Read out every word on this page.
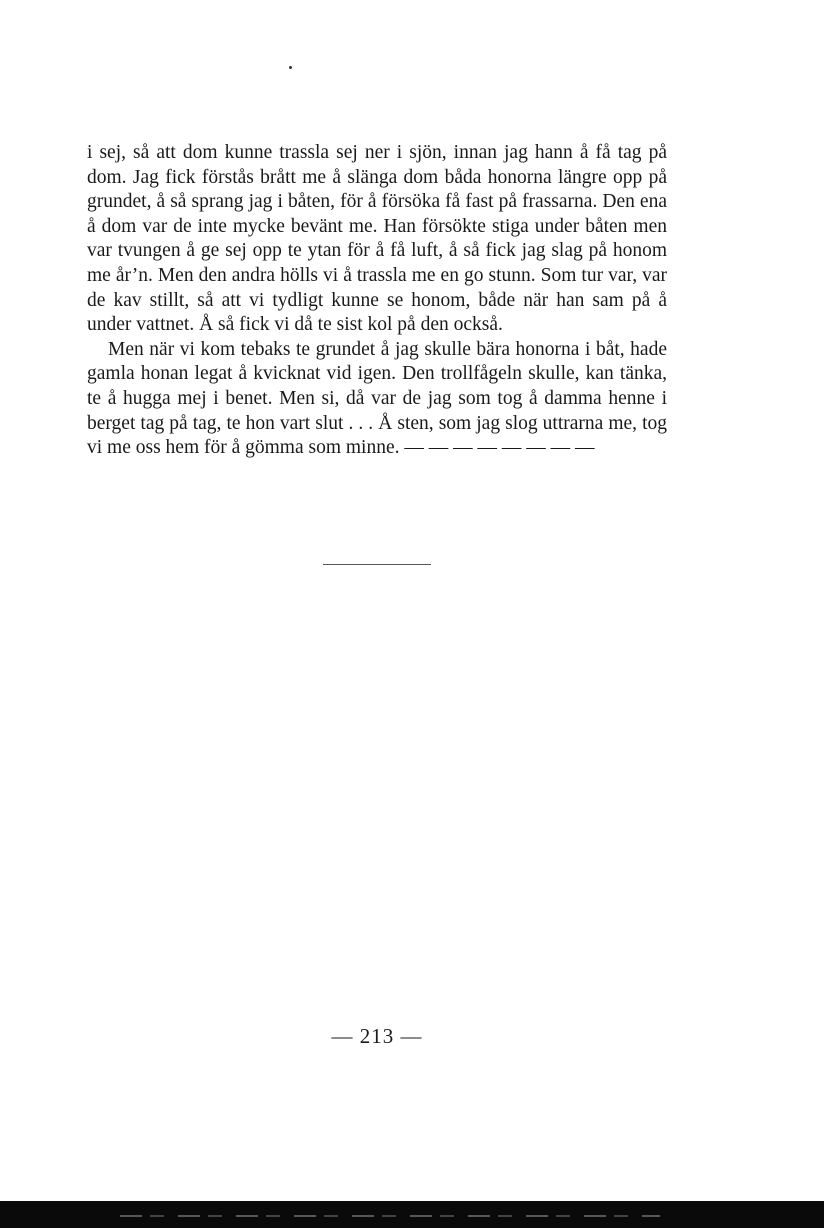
i sej, så att dom kunne trassla sej ner i sjön, innan jag hann å få tag på dom. Jag fick förstås brått me å slänga dom båda honorna längre opp på grundet, å så sprang jag i båten, för å försöka få fast på frassarna. Den ena å dom var de inte mycke bevänt me. Han försökte stiga under båten men var tvungen å ge sej opp te ytan för å få luft, å så fick jag slag på honom me år’n. Men den andra hölls vi å trassla me en go stunn. Som tur var, var de kav stillt, så att vi tydligt kunne se honom, både när han sam på å under vattnet. Å så fick vi då te sist kol på den också.

Men när vi kom tebaks te grundet å jag skulle bära honorna i båt, hade gamla honan legat å kvicknat vid igen. Den trollfågeln skulle, kan tänka, te å hugga mej i benet. Men si, då var de jag som tog å damma henne i berget tag på tag, te hon vart slut . . . Å sten, som jag slog uttrarna me, tog vi me oss hem för å gömma som minne. — — — — — — — —

— 213 —
